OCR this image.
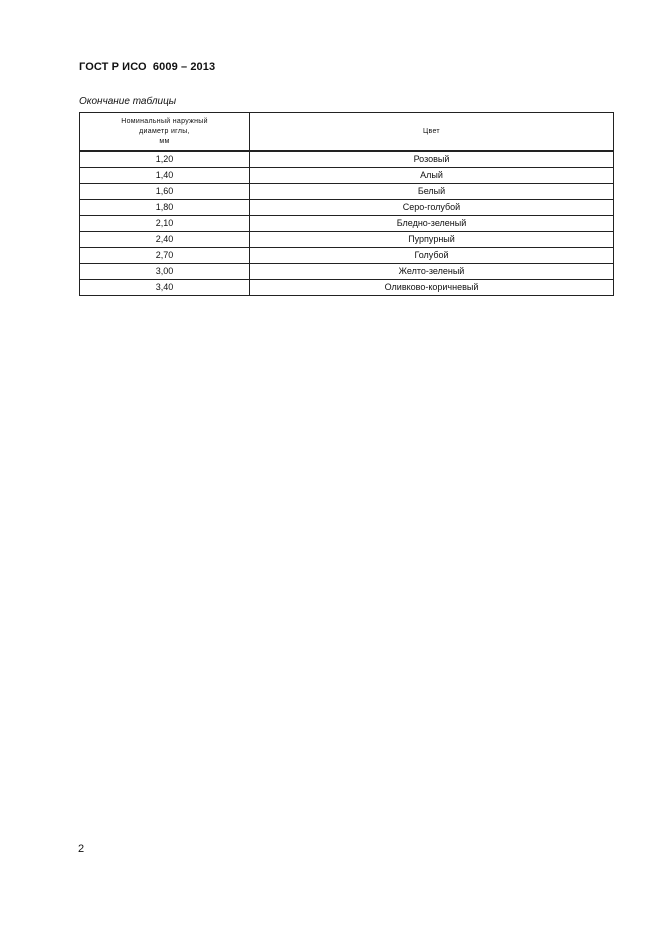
ГОСТ Р ИСО  6009 – 2013
Окончание таблицы
Номинальный наружный
диаметр иглы,
мм	Цвет
1,20	Розовый
1,40	Алый
1,60	Белый
1,80	Серо-голубой
2,10	Бледно-зеленый
2,40	Пурпурный
2,70	Голубой
3,00	Желто-зеленый
3,40	Оливково-коричневый
2
